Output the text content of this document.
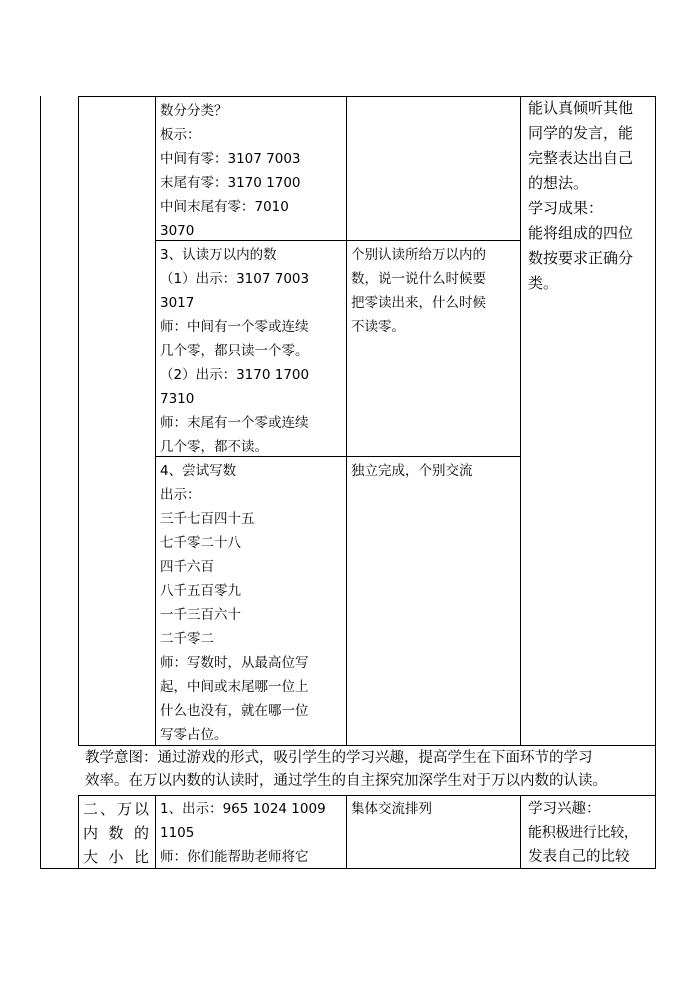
数分分类？
板示：
中间有零：3107 7003
末尾有零：3170 1700
中间末尾有零：7010
3070
能认真倾听其他
同学的发言，能
完整表达出自己
的想法。
学习成果：
能将组成的四位
数按要求正确分
类。
3、认读万以内的数
（1）出示：3107 7003
3017
师：中间有一个零或连续
几个零，都只读一个零。
（2）出示：3170 1700
7310
师：末尾有一个零或连续
几个零，都不读。
个别认读所给万以内的
数，说一说什么时候要
把零读出来，什么时候
不读零。
4、尝试写数
出示：
三千七百四十五
七千零二十八
四千六百
八千五百零九
一千三百六十
二千零二
师：写数时，从最高位写
起，中间或末尾哪一位上
什么也没有，就在哪一位
写零占位。
独立完成，个别交流
教学意图：通过游戏的形式，吸引学生的学习兴趣，提高学生在下面环节的学习
效率。在万以内数的认读时，通过学生的自主探究加深学生对于万以内数的认读。
二、万以
内 数 的
大 小 比
1、出示：965 1024 1009
1105
师：你们能帮助老师将它
集体交流排列	学习兴趣：
能积极进行比较，
发表自己的比较
